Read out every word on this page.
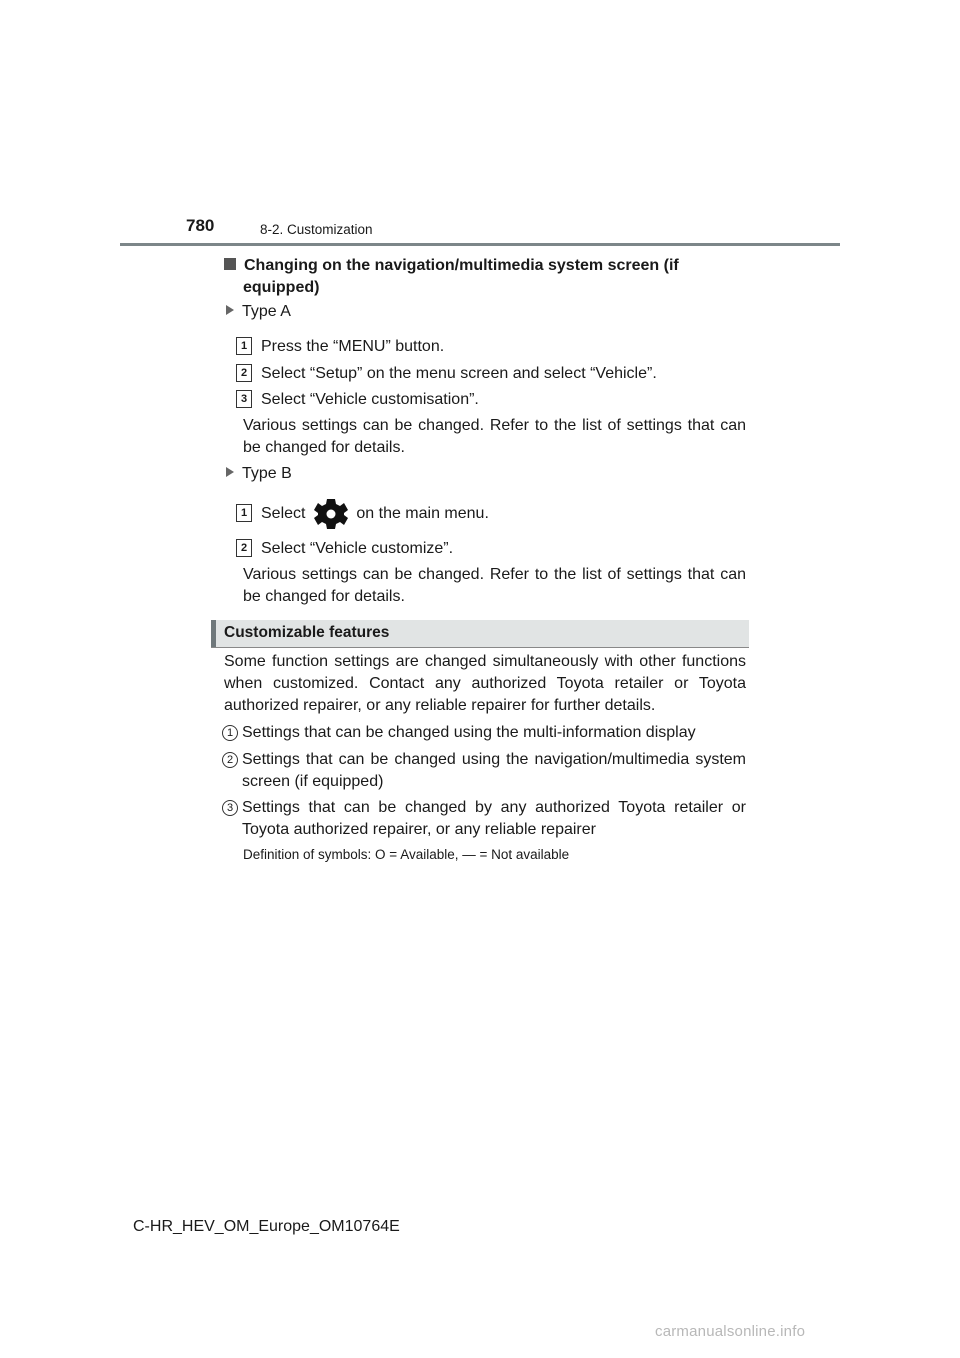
780	8-2. Customization
Changing on the navigation/multimedia system screen (if
equipped)
Type A
1 Press the “MENU” button.
2 Select “Setup” on the menu screen and select “Vehicle”.
3 Select “Vehicle customisation”.
Various settings can be changed. Refer to the list of settings that can be changed for details.
Type B
1 Select	on the main menu.
2 Select “Vehicle customize”.
Various settings can be changed. Refer to the list of settings that can be changed for details.
Customizable features
Some function settings are changed simultaneously with other functions when customized. Contact any authorized Toyota retailer or Toyota authorized repairer, or any reliable repairer for further details.
1 Settings that can be changed using the multi-information display
2 Settings that can be changed using the navigation/multimedia system screen (if equipped)
3 Settings that can be changed by any authorized Toyota retailer or Toyota authorized repairer, or any reliable repairer
Definition of symbols: O = Available, — = Not available
C-HR_HEV_OM_Europe_OM10764E
carmanualsonline.info
